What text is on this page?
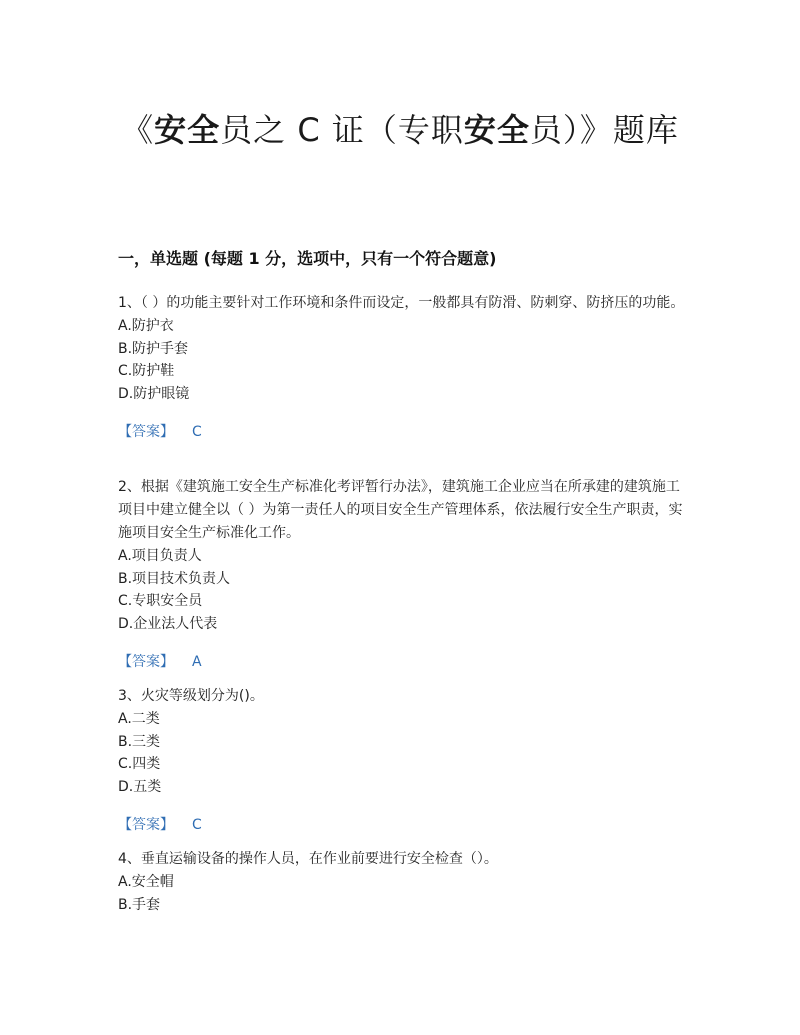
《安全员之 C 证（专职安全员）》题库
一，单选题 (每题 1 分，选项中，只有一个符合题意)

1、（ ）的功能主要针对工作环境和条件而设定，一般都具有防滑、防刺穿、防挤压的功能。

A.防护衣
B.防护手套
C.防护鞋
D.防护眼镜
【答案】 C

2、根据《建筑施工安全生产标准化考评暂行办法》，建筑施工企业应当在所承建的建筑施工项目中建立健全以（ ）为第一责任人的项目安全生产管理体系，依法履行安全生产职责，实施项目安全生产标准化工作。

A.项目负责人
B.项目技术负责人
C.专职安全员
D.企业法人代表
【答案】 A

3、火灾等级划分为()。

A.二类
B.三类
C.四类
D.五类
【答案】 C

4、垂直运输设备的操作人员，在作业前要进行安全检查（）。

A.安全帽
B.手套
